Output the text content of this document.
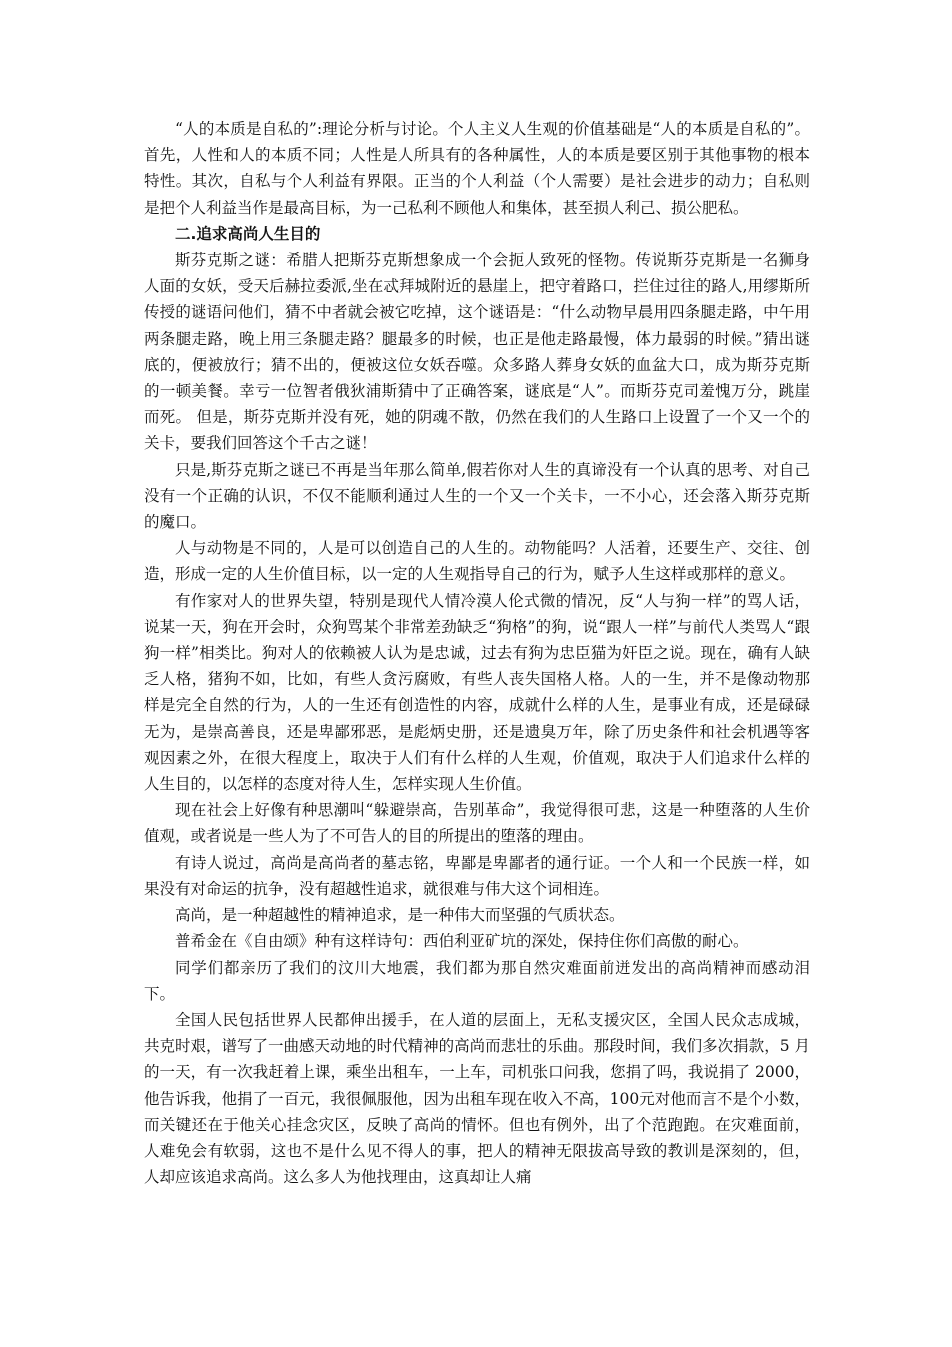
“人的本质是自私的”:理论分析与讨论。个人主义人生观的价值基础是“人的本质是自私的”。首先，人性和人的本质不同；人性是人所具有的各种属性，人的本质是要区别于其他事物的根本特性。其次，自私与个人利益有界限。正当的个人利益（个人需要）是社会进步的动力；自私则是把个人利益当作是最高目标，为一己私利不顾他人和集体，甚至损人利己、损公肥私。

二.追求高尚人生目的

斯芬克斯之谜：希腊人把斯芬克斯想象成一个会扼人致死的怪物。传说斯芬克斯是一名狮身人面的女妖，受天后赫拉委派,坐在忒拜城附近的悬崖上，把守着路口，拦住过往的路人,用缪斯所传授的谜语问他们，猜不中者就会被它吃掉，这个谜语是：“什么动物早晨用四条腿走路，中午用两条腿走路，晚上用三条腿走路？腿最多的时候，也正是他走路最慢，体力最弱的时候。”猜出谜底的，便被放行；猜不出的，便被这位女妖吞噬。众多路人葬身女妖的血盆大口，成为斯芬克斯的一顿美餐。幸亏一位智者俄狄浦斯猜中了正确答案，谜底是“人”。而斯芬克司羞愧万分，跳崖而死。 但是，斯芬克斯并没有死，她的阴魂不散，仍然在我们的人生路口上设置了一个又一个的关卡，要我们回答这个千古之谜！

只是,斯芬克斯之谜已不再是当年那么简单,假若你对人生的真谛没有一个认真的思考、对自己没有一个正确的认识，不仅不能顺利通过人生的一个又一个关卡，一不小心，还会落入斯芬克斯的魔口。

人与动物是不同的，人是可以创造自己的人生的。动物能吗？人活着，还要生产、交往、创造，形成一定的人生价值目标，以一定的人生观指导自己的行为，赋予人生这样或那样的意义。

有作家对人的世界失望，特别是现代人情冷漠人伦式微的情况，反“人与狗一样”的骂人话，说某一天，狗在开会时，众狗骂某个非常差劲缺乏“狗格”的狗，说“跟人一样”与前代人类骂人“跟狗一样”相类比。狗对人的依赖被人认为是忠诚，过去有狗为忠臣猫为奸臣之说。现在，确有人缺乏人格，猪狗不如，比如，有些人贪污腐败，有些人丧失国格人格。人的一生，并不是像动物那样是完全自然的行为，人的一生还有创造性的内容，成就什么样的人生，是事业有成，还是碌碌无为，是崇高善良，还是卑鄙邪恶，是彪炳史册，还是遗臭万年，除了历史条件和社会机遇等客观因素之外，在很大程度上，取决于人们有什么样的人生观，价值观，取决于人们追求什么样的人生目的，以怎样的态度对待人生，怎样实现人生价值。

现在社会上好像有种思潮叫“躲避崇高，告别革命”，我觉得很可悲，这是一种堕落的人生价值观，或者说是一些人为了不可告人的目的所提出的堕落的理由。

有诗人说过，高尚是高尚者的墓志铭，卑鄙是卑鄙者的通行证。一个人和一个民族一样，如果没有对命运的抗争，没有超越性追求，就很难与伟大这个词相连。

高尚，是一种超越性的精神追求，是一种伟大而坚强的气质状态。

普希金在《自由颂》种有这样诗句：西伯利亚矿坑的深处，保持住你们高傲的耐心。

同学们都亲历了我们的汶川大地震，我们都为那自然灾难面前迸发出的高尚精神而感动泪下。

全国人民包括世界人民都伸出援手，在人道的层面上，无私支援灾区，全国人民众志成城，共克时艰，谱写了一曲感天动地的时代精神的高尚而悲壮的乐曲。那段时间，我们多次捐款，5 月的一天，有一次我赶着上课，乘坐出租车，一上车，司机张口问我，您捐了吗，我说捐了 2000，他告诉我，他捐了一百元，我很佩服他，因为出租车现在收入不高，100元对他而言不是个小数，而关键还在于他关心挂念灾区，反映了高尚的情怀。但也有例外，出了个范跑跑。在灾难面前，人难免会有软弱，这也不是什么见不得人的事，把人的精神无限拔高导致的教训是深刻的，但，人却应该追求高尚。这么多人为他找理由，这真却让人痛
